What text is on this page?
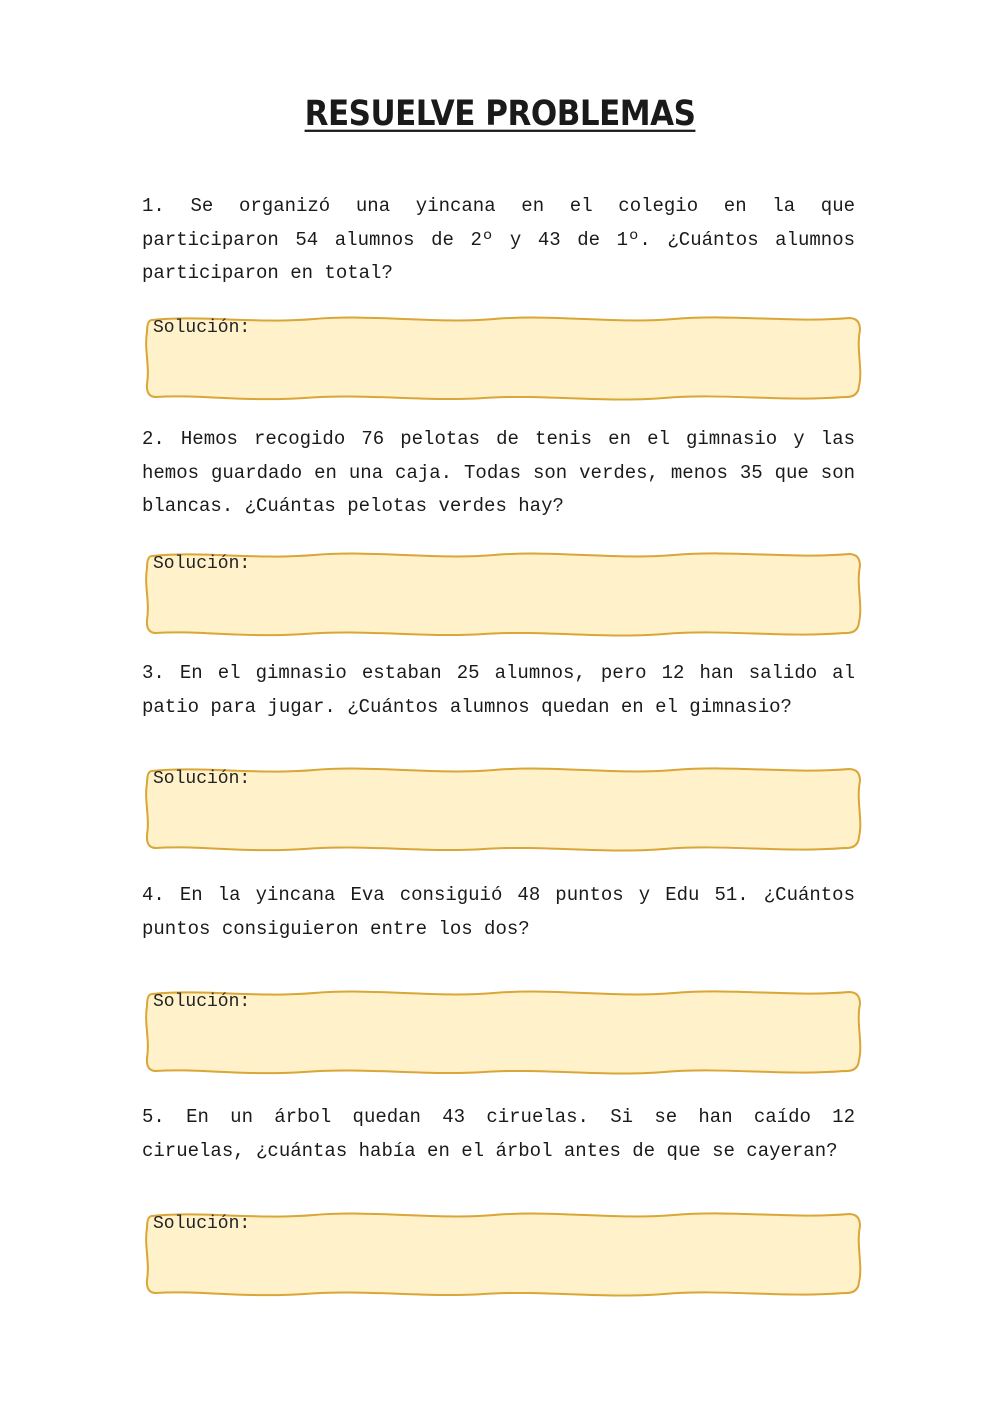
RESUELVE PROBLEMAS
1. Se organizó una yincana en el colegio en la que participaron 54 alumnos de 2º y 43 de 1º. ¿Cuántos alumnos participaron en total?
Solución:
2. Hemos recogido 76 pelotas de tenis en el gimnasio y las hemos guardado en una caja. Todas son verdes, menos 35 que son blancas. ¿Cuántas pelotas verdes hay?
Solución:
3. En el gimnasio estaban 25 alumnos, pero 12 han salido al patio para jugar. ¿Cuántos alumnos quedan en el gimnasio?
Solución:
4. En la yincana Eva consiguió 48 puntos y Edu 51. ¿Cuántos puntos consiguieron entre los dos?
Solución:
5. En un árbol quedan 43 ciruelas. Si se han caído 12 ciruelas, ¿cuántas había en el árbol antes de que se cayeran?
Solución:
